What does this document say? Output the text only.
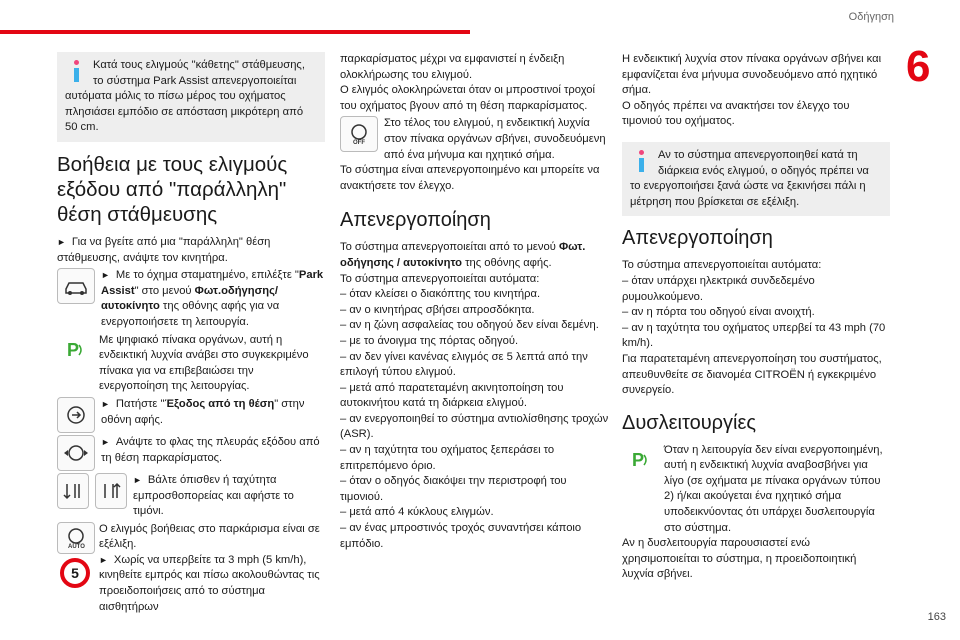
Οδήγηση
6
163

Κατά τους ελιγμούς "κάθετης" στάθμευσης, το σύστημα Park Assist απενεργοποιείται αυτόματα μόλις το πίσω μέρος του οχήματος πλησιάσει εμπόδιο σε απόσταση μικρότερη από 50 cm.

Βοήθεια με τους ελιγμούς εξόδου από "παράλληλη" θέση στάθμευσης

► Για να βγείτε από μια "παράλληλη" θέση στάθμευσης, ανάψτε τον κινητήρα.

► Με το όχημα σταματημένο, επιλέξτε "Park Assist" στο μενού Φωτ.οδήγησης/ αυτοκίνητο της οθόνης αφής για να ενεργοποιήσετε τη λειτουργία.

P Με ψηφιακό πίνακα οργάνων, αυτή η ενδεικτική λυχνία ανάβει στο συγκεκριμένο πίνακα για να επιβεβαιώσει την ενεργοποίηση της λειτουργίας.

► Πατήστε "Έξοδος από τη θέση" στην οθόνη αφής.

► Ανάψτε το φλας της πλευράς εξόδου από τη θέση παρκαρίσματος.

► Βάλτε όπισθεν ή ταχύτητα εμπροσθοπορείας και αφήστε το τιμόνι.

AUTO
5

Ο ελιγμός βοήθειας στο παρκάρισμα είναι σε εξέλιξη.

► Χωρίς να υπερβείτε τα 3 mph (5 km/h), κινηθείτε εμπρός και πίσω ακολουθώντας τις προειδοποιήσεις από το σύστημα αισθητήρων

παρκαρίσματος μέχρι να εμφανιστεί η ένδειξη ολοκλήρωσης του ελιγμού.

Ο ελιγμός ολοκληρώνεται όταν οι μπροστινοί τροχοί του οχήματος βγουν από τη θέση παρκαρίσματος.

OFF

Στο τέλος του ελιγμού, η ενδεικτική λυχνία στον πίνακα οργάνων σβήνει, συνοδευόμενη από ένα μήνυμα και ηχητικό σήμα.

Το σύστημα είναι απενεργοποιημένο και μπορείτε να ανακτήσετε τον έλεγχο.

Απενεργοποίηση

Το σύστημα απενεργοποιείται από το μενού Φωτ. οδήγησης / αυτοκίνητο της οθόνης αφής.

Το σύστημα απενεργοποιείται αυτόματα:

– όταν κλείσει ο διακόπτης του κινητήρα.

– αν ο κινητήρας σβήσει απροσδόκητα.

– αν η ζώνη ασφαλείας του οδηγού δεν είναι δεμένη.

– με το άνοιγμα της πόρτας οδηγού.

– αν δεν γίνει κανένας ελιγμός σε 5 λεπτά από την επιλογή τύπου ελιγμού.

– μετά από παρατεταμένη ακινητοποίηση του αυτοκινήτου κατά τη διάρκεια ελιγμού.

– αν ενεργοποιηθεί το σύστημα αντιολίσθησης τροχών (ASR).

– αν η ταχύτητα του οχήματος ξεπεράσει το επιτρεπόμενο όριο.

– όταν ο οδηγός διακόψει την περιστροφή του τιμονιού.

– μετά από 4 κύκλους ελιγμών.

– αν ένας μπροστινός τροχός συναντήσει κάποιο εμπόδιο.

Η ενδεικτική λυχνία στον πίνακα οργάνων σβήνει και εμφανίζεται ένα μήνυμα συνοδευόμενο από ηχητικό σήμα.

Ο οδηγός πρέπει να ανακτήσει τον έλεγχο του τιμονιού του οχήματος.

Αν το σύστημα απενεργοποιηθεί κατά τη διάρκεια ενός ελιγμού, ο οδηγός πρέπει να το ενεργοποιήσει ξανά ώστε να ξεκινήσει πάλι η μέτρηση που βρίσκεται σε εξέλιξη.

Απενεργοποίηση

Το σύστημα απενεργοποιείται αυτόματα:

– όταν υπάρχει ηλεκτρικά συνδεδεμένο ρυμουλκούμενο.

– αν η πόρτα του οδηγού είναι ανοιχτή.

– αν η ταχύτητα του οχήματος υπερβεί τα 43 mph (70 km/h).

Για παρατεταμένη απενεργοποίηση του συστήματος, απευθυνθείτε σε διανομέα CITROËN ή εγκεκριμένο συνεργείο.

Δυσλειτουργίες
P Όταν η λειτουργία δεν είναι ενεργοποιημένη, αυτή η ενδεικτική λυχνία αναβοσβήνει για λίγο (σε οχήματα με πίνακα οργάνων τύπου 2) ή/και ακούγεται ένα ηχητικό σήμα υποδεικνύοντας ότι υπάρχει δυσλειτουργία στο σύστημα.

Αν η δυσλειτουργία παρουσιαστεί ενώ χρησιμοποιείται το σύστημα, η προειδοποιητική λυχνία σβήνει.
